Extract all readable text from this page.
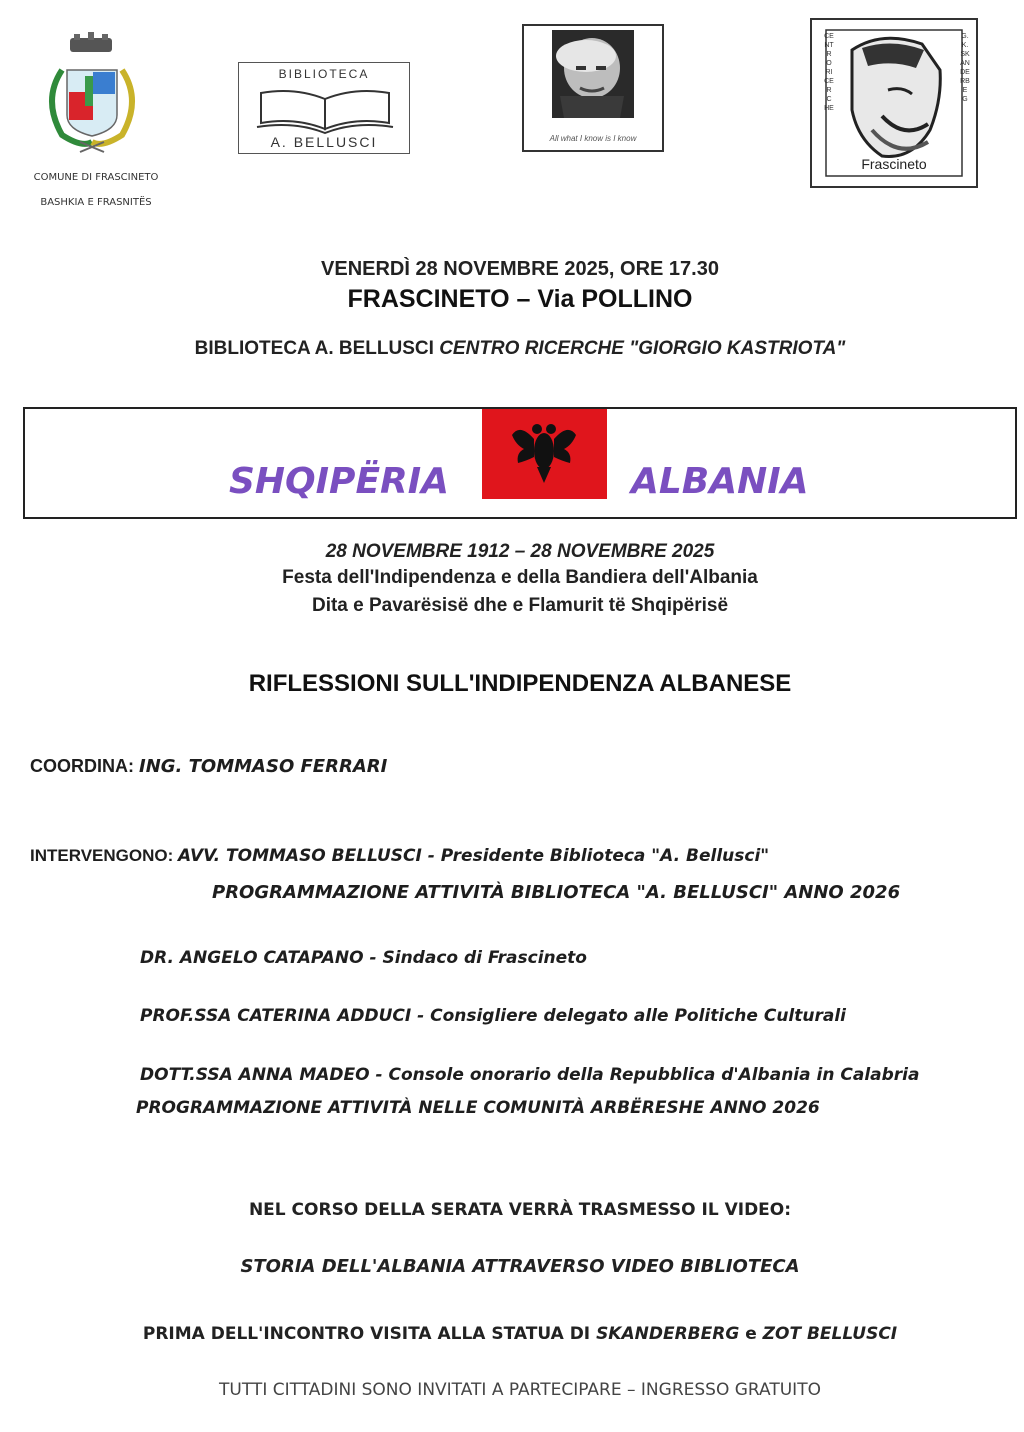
COMUNE DI FRASCINETO
BASHKIA E FRASNITËS
BIBLIOTECA
A. BELLUSCI	All what I know is I know
CENTRO RICERCHE
G. K. SKANDERBEG
Frascineto
VENERDÌ 28 NOVEMBRE 2025, ORE 17.30
FRASCINETO – Via POLLINO
BIBLIOTECA A. BELLUSCI CENTRO RICERCHE "GIORGIO KASTRIOTA"
SHQIPËRIA	ALBANIA
28 NOVEMBRE 1912 – 28 NOVEMBRE 2025
Festa dell'Indipendenza e della Bandiera dell'Albania
Dita e Pavarësisë dhe e Flamurit të Shqipërisë
RIFLESSIONI SULL'INDIPENDENZA ALBANESE
COORDINA: ING. TOMMASO FERRARI
INTERVENGONO: AVV. TOMMASO BELLUSCI - Presidente Biblioteca "A. Bellusci"
PROGRAMMAZIONE ATTIVITÀ BIBLIOTECA "A. BELLUSCI" ANNO 2026
DR. ANGELO CATAPANO - Sindaco di Frascineto
PROF.SSA CATERINA ADDUCI - Consigliere delegato alle Politiche Culturali
DOTT.SSA ANNA MADEO - Console onorario della Repubblica d'Albania in Calabria
PROGRAMMAZIONE ATTIVITÀ NELLE COMUNITÀ ARBËRESHE ANNO 2026
NEL CORSO DELLA SERATA VERRÀ TRASMESSO IL VIDEO:
STORIA DELL'ALBANIA ATTRAVERSO VIDEO BIBLIOTECA
PRIMA DELL'INCONTRO VISITA ALLA STATUA DI SKANDERBERG e ZOT BELLUSCI
TUTTI CITTADINI SONO INVITATI A PARTECIPARE – INGRESSO GRATUITO
